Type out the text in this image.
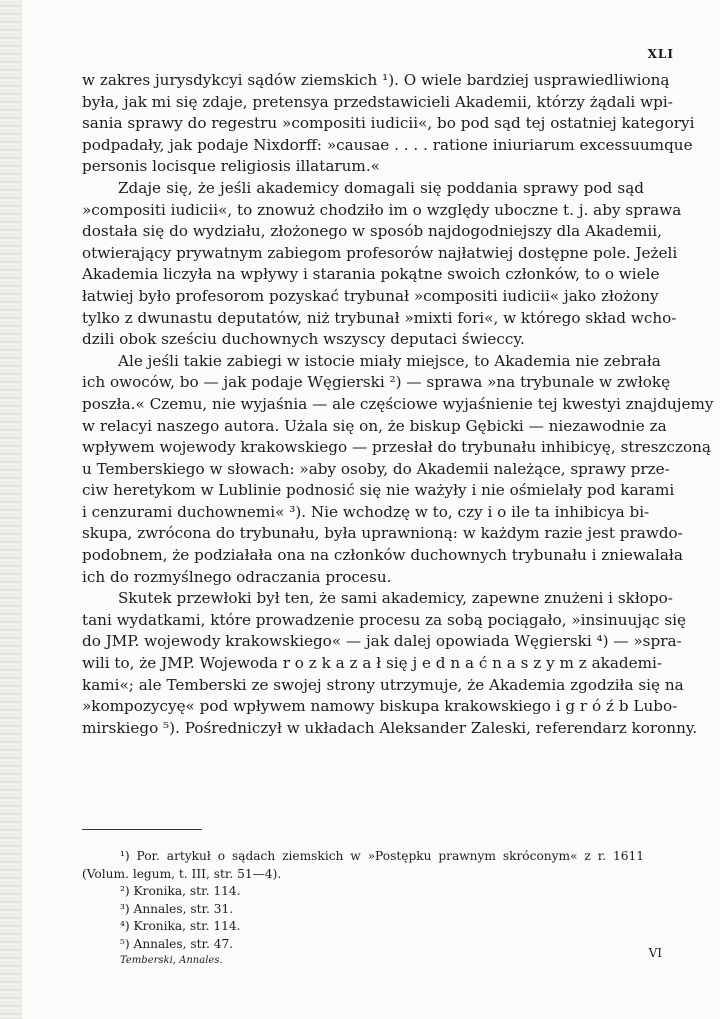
XLI
w zakres jurysdykcyi sądów ziemskich ¹). O wiele bardziej usprawiedliwioną
była, jak mi się zdaje, pretensya przedstawicieli Akademii, którzy żądali wpi-
sania sprawy do regestru »compositi iudicii«, bo pod sąd tej ostatniej kategoryi
podpadały, jak podaje Nixdorff: »causae . . . . ratione iniuriarum excessuumque
personis locisque religiosis illatarum.«
Zdaje się, że jeśli akademicy domagali się poddania sprawy pod sąd
»compositi iudicii«, to znowuż chodziło im o względy uboczne t. j. aby sprawa
dostała się do wydziału, złożonego w sposób najdogodniejszy dla Akademii,
otwierający prywatnym zabiegom profesorów najłatwiej dostępne pole. Jeżeli
Akademia liczyła na wpływy i starania pokątne swoich członków, to o wiele
łatwiej było profesorom pozyskać trybunał »compositi iudicii« jako złożony
tylko z dwunastu deputatów, niż trybunał »mixti fori«, w którego skład wcho-
dzili obok sześciu duchownych wszyscy deputaci świeccy.
Ale jeśli takie zabiegi w istocie miały miejsce, to Akademia nie zebrała
ich owoców, bo — jak podaje Węgierski ²) — sprawa »na trybunale w zwłokę
poszła.« Czemu, nie wyjaśnia — ale częściowe wyjaśnienie tej kwestyi znajdujemy
w relacyi naszego autora. Użala się on, że biskup Gębicki — niezawodnie za
wpływem wojewody krakowskiego — przesłał do trybunału inhibicyę, streszczoną
u Temberskiego w słowach: »aby osoby, do Akademii należące, sprawy prze-
ciw heretykom w Lublinie podnosić się nie ważyły i nie ośmielały pod karami
i cenzurami duchownemi« ³). Nie wchodzę w to, czy i o ile ta inhibicya bi-
skupa, zwrócona do trybunału, była uprawnioną: w każdym razie jest prawdo-
podobnem, że podziałała ona na członków duchownych trybunału i zniewalała
ich do rozmyślnego odraczania procesu.
Skutek przewłoki był ten, że sami akademicy, zapewne znużeni i skłopo-
tani wydatkami, które prowadzenie procesu za sobą pociągało, »insinuując się
do JMP. wojewody krakowskiego« — jak dalej opowiada Węgierski ⁴) — »spra-
wili to, że JMP. Wojewoda r o z k a z a ł się j e d n a ć n a s z y m z akademi-
kami«; ale Temberski ze swojej strony utrzymuje, że Akademia zgodziła się na
»kompozycyę« pod wpływem namowy biskupa krakowskiego i g r ó ź b Lubo-
mirskiego ⁵). Pośredniczył w układach Aleksander Zaleski, referendarz koronny.
¹) Por. artykuł o sądach ziemskich w »Postępku prawnym skróconym« z r. 1611
(Volum. legum, t. III, str. 51—4).
²) Kronika, str. 114.
³) Annales, str. 31.
⁴) Kronika, str. 114.
⁵) Annales, str. 47.
Temberski, Annales.
VI
